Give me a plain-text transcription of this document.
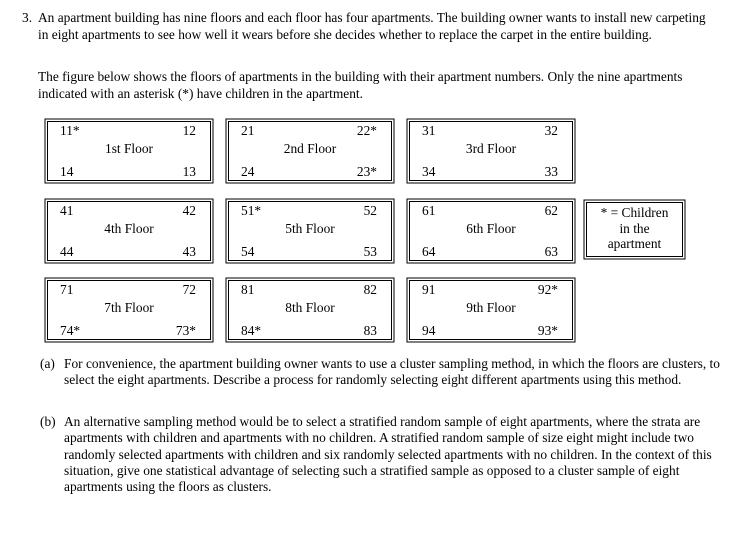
3. An apartment building has nine floors and each floor has four apartments. The building owner wants to install new carpeting in eight apartments to see how well it wears before she decides whether to replace the carpet in the entire building.
The figure below shows the floors of apartments in the building with their apartment numbers. Only the nine apartments indicated with an asterisk (*) have children in the apartment.
11*	12
1st Floor
14	13
21	22*
2nd Floor
24	23*
31	32
3rd Floor
34	33
41	42
4th Floor
44	43
51*	52
5th Floor
54	53
61	62
6th Floor
64	63
* = Children
in the
apartment
71	72
7th Floor
74*	73*
81	82
8th Floor
84*	83
91	92*
9th Floor
94	93*
(a) For convenience, the apartment building owner wants to use a cluster sampling method, in which the floors are clusters, to select the eight apartments. Describe a process for randomly selecting eight different apartments using this method.
(b) An alternative sampling method would be to select a stratified random sample of eight apartments, where the strata are apartments with children and apartments with no children. A stratified random sample of size eight might include two randomly selected apartments with children and six randomly selected apartments with no children. In the context of this situation, give one statistical advantage of selecting such a stratified sample as opposed to a cluster sample of eight apartments using the floors as clusters.
